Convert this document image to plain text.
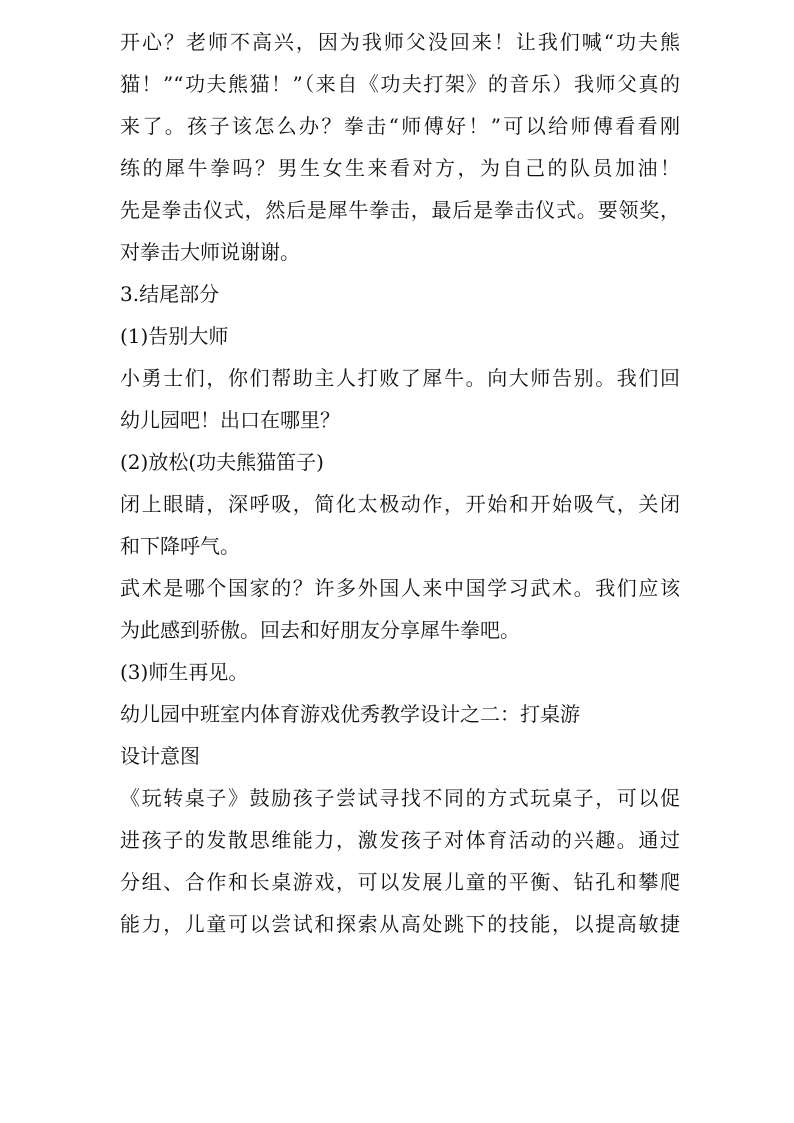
开心？老师不高兴，因为我师父没回来！让我们喊“功夫熊
猫！”“功夫熊猫！”（来自《功夫打架》的音乐）我师父真的
来了。孩子该怎么办？拳击“师傅好！”可以给师傅看看刚
练的犀牛拳吗？男生女生来看对方，为自己的队员加油！
先是拳击仪式，然后是犀牛拳击，最后是拳击仪式。要领奖，
对拳击大师说谢谢。
3.结尾部分
(1)告别大师
小勇士们，你们帮助主人打败了犀牛。向大师告别。我们回
幼儿园吧！出口在哪里？
(2)放松(功夫熊猫笛子)
闭上眼睛，深呼吸，简化太极动作，开始和开始吸气，关闭
和下降呼气。
武术是哪个国家的？许多外国人来中国学习武术。我们应该
为此感到骄傲。回去和好朋友分享犀牛拳吧。
(3)师生再见。
幼儿园中班室内体育游戏优秀教学设计之二：打桌游
设计意图
《玩转桌子》鼓励孩子尝试寻找不同的方式玩桌子，可以促
进孩子的发散思维能力，激发孩子对体育活动的兴趣。通过
分组、合作和长桌游戏，可以发展儿童的平衡、钻孔和攀爬
能力，儿童可以尝试和探索从高处跳下的技能，以提高敏捷
